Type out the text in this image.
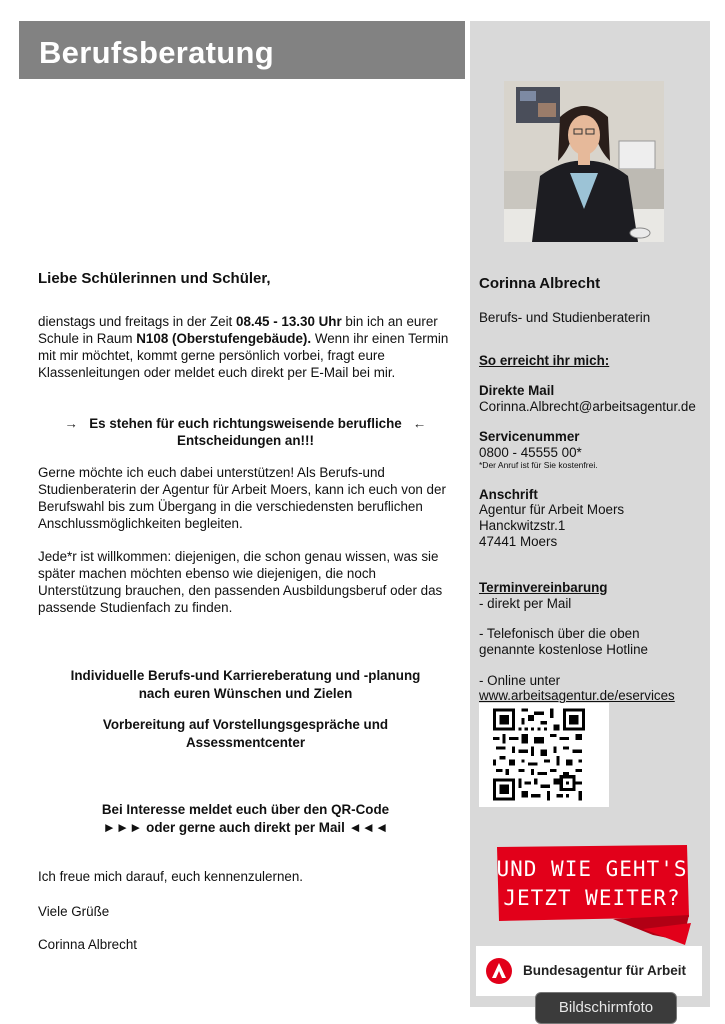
Berufsberatung
Liebe Schülerinnen und Schüler,
dienstags und freitags in der Zeit 08.45 - 13.30 Uhr bin ich an eurer Schule in Raum N108 (Oberstufengebäude). Wenn ihr einen Termin mit mir möchtet, kommt gerne persönlich vorbei, fragt eure Klassenleitungen oder meldet euch direkt per E-Mail bei mir.
→ Es stehen für euch richtungsweisende berufliche ←
Entscheidungen an!!!
Gerne möchte ich euch dabei unterstützen! Als Berufs-und Studienberaterin der Agentur für Arbeit Moers, kann ich euch von der Berufswahl bis zum Übergang in die verschiedensten beruflichen Anschlussmöglichkeiten begleiten.
Jede*r ist willkommen: diejenigen, die schon genau wissen, was sie später machen möchten ebenso wie diejenigen, die noch Unterstützung brauchen, den passenden Ausbildungsberuf oder das passende Studienfach zu finden.
Individuelle Berufs-und Karriereberatung und -planung
nach euren Wünschen und Zielen
Vorbereitung auf Vorstellungsgespräche und
Assessmentcenter
Bei Interesse meldet euch über den QR-Code
►►► oder gerne auch direkt per Mail ◄◄◄
Ich freue mich darauf, euch kennenzulernen.
Viele Grüße
Corinna Albrecht
Corinna Albrecht
Berufs- und Studienberaterin
So erreicht ihr mich:
Direkte Mail
Corinna.Albrecht@arbeitsagentur.de
Servicenummer
0800 - 45555 00*
*Der Anruf ist für Sie kostenfrei.
Anschrift
Agentur für Arbeit Moers
Hanckwitzstr.1
47441 Moers
Terminvereinbarung
- direkt per Mail
- Telefonisch über die oben genannte kostenlose Hotline
- Online unter
www.arbeitsagentur.de/eservices
UND WIE GEHT'S
JETZT WEITER?
Bundesagentur für Arbeit
Bildschirmfoto
